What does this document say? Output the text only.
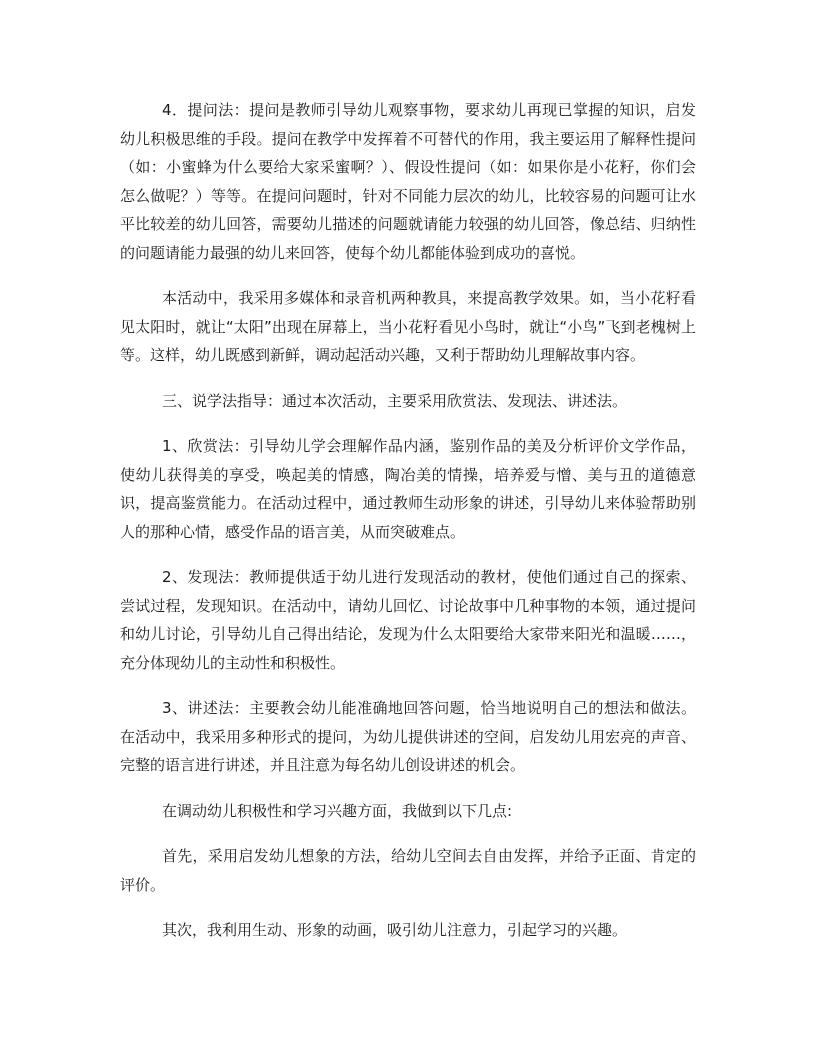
4．提问法：提问是教师引导幼儿观察事物，要求幼儿再现已掌握的知识，启发幼儿积极思维的手段。提问在教学中发挥着不可替代的作用，我主要运用了解释性提问（如：小蜜蜂为什么要给大家采蜜啊？）、假设性提问（如：如果你是小花籽，你们会怎么做呢？）等等。在提问问题时，针对不同能力层次的幼儿，比较容易的问题可让水平比较差的幼儿回答，需要幼儿描述的问题就请能力较强的幼儿回答，像总结、归纳性的问题请能力最强的幼儿来回答，使每个幼儿都能体验到成功的喜悦。

本活动中，我采用多媒体和录音机两种教具，来提高教学效果。如，当小花籽看见太阳时，就让“太阳”出现在屏幕上，当小花籽看见小鸟时，就让“小鸟”飞到老槐树上等。这样，幼儿既感到新鲜，调动起活动兴趣，又利于帮助幼儿理解故事内容。

三、说学法指导：通过本次活动，主要采用欣赏法、发现法、讲述法。

1、欣赏法：引导幼儿学会理解作品内涵，鉴别作品的美及分析评价文学作品，使幼儿获得美的享受，唤起美的情感，陶冶美的情操，培养爱与憎、美与丑的道德意识，提高鉴赏能力。在活动过程中，通过教师生动形象的讲述，引导幼儿来体验帮助别人的那种心情，感受作品的语言美，从而突破难点。

2、发现法：教师提供适于幼儿进行发现活动的教材，使他们通过自己的探索、尝试过程，发现知识。在活动中，请幼儿回忆、讨论故事中几种事物的本领，通过提问和幼儿讨论，引导幼儿自己得出结论，发现为什么太阳要给大家带来阳光和温暖……，充分体现幼儿的主动性和积极性。

3、讲述法：主要教会幼儿能准确地回答问题，恰当地说明自己的想法和做法。在活动中，我采用多种形式的提问，为幼儿提供讲述的空间，启发幼儿用宏亮的声音、完整的语言进行讲述，并且注意为每名幼儿创设讲述的机会。

在调动幼儿积极性和学习兴趣方面，我做到以下几点:

首先，采用启发幼儿想象的方法，给幼儿空间去自由发挥，并给予正面、肯定的评价。

其次，我利用生动、形象的动画，吸引幼儿注意力，引起学习的兴趣。
